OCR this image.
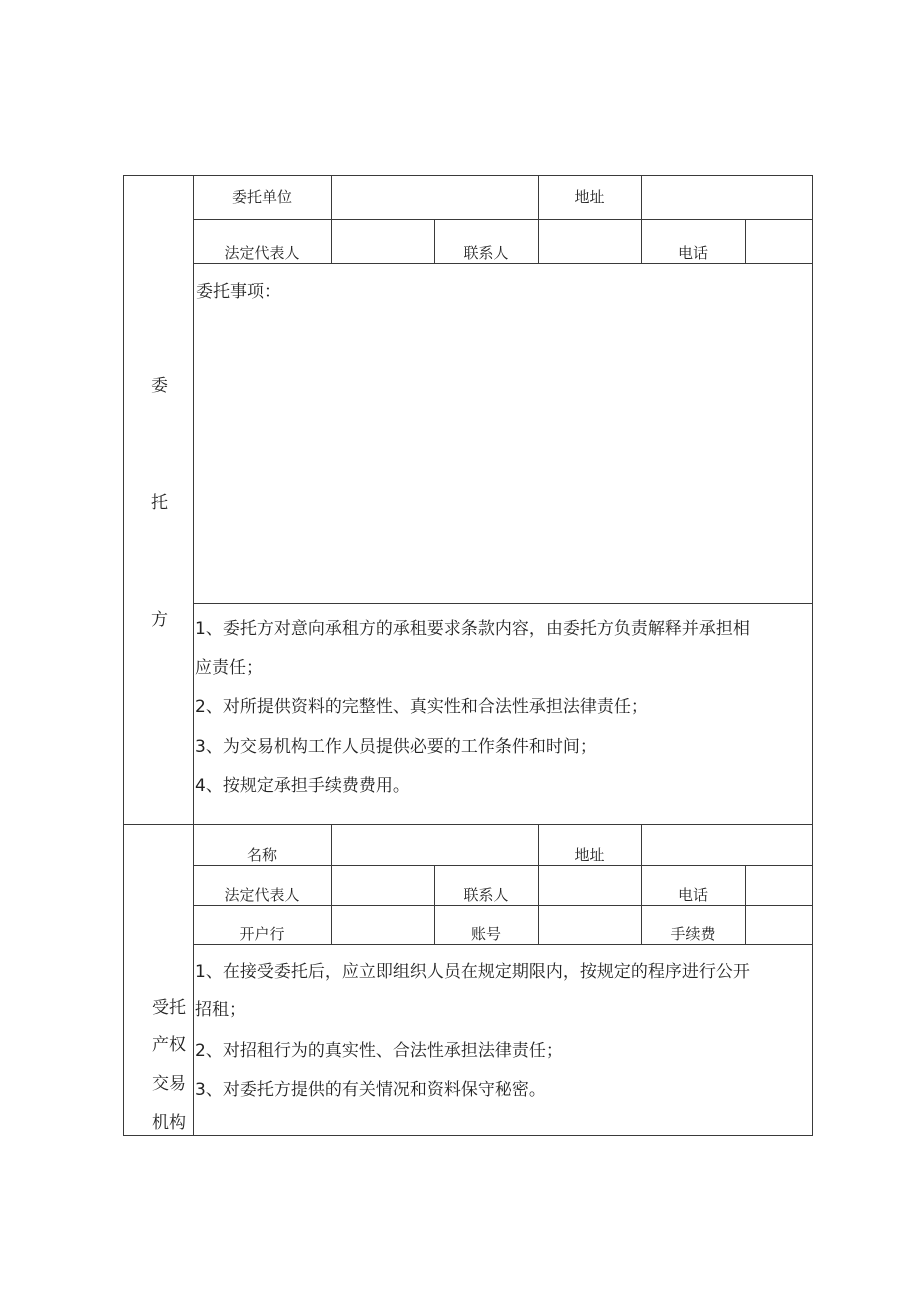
委
托
方
委托单位	地址
法定代表人	联系人	电话
委托事项：
1、委托方对意向承租方的承租要求条款内容，由委托方负责解释并承担相
应责任；
2、对所提供资料的完整性、真实性和合法性承担法律责任；
3、为交易机构工作人员提供必要的工作条件和时间；
4、按规定承担手续费费用。
受托
产权
交易
机构
名称	地址
法定代表人	联系人	电话
开户行	账号	手续费
1、在接受委托后，应立即组织人员在规定期限内，按规定的程序进行公开
招租；
2、对招租行为的真实性、合法性承担法律责任；
3、对委托方提供的有关情况和资料保守秘密。
